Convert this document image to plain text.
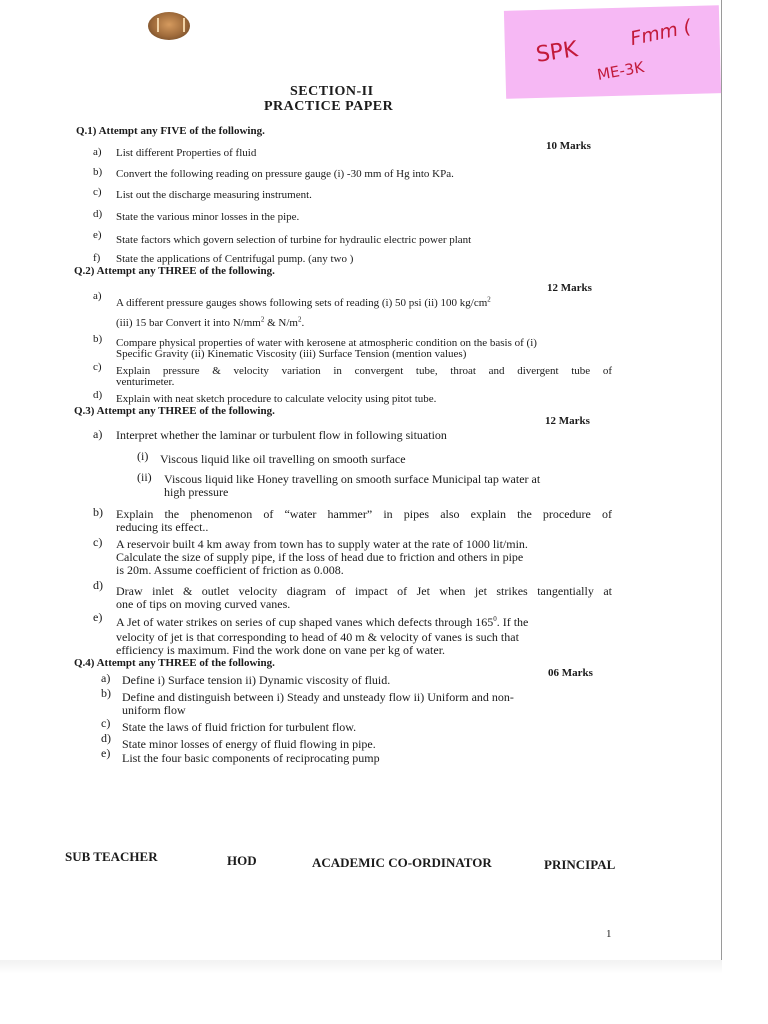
SPK
Fmm (
ME-3K
SECTION-II
PRACTICE PAPER
Q.1) Attempt any FIVE of the following.
10 Marks
a) List different Properties of fluid
b) Convert the following reading on pressure gauge (i) -30 mm of Hg into KPa.
c) List out the discharge measuring instrument.
d) State the various minor losses in the pipe.
e) State factors which govern selection of turbine for hydraulic electric power plant
f) State the applications of Centrifugal pump. (any two )
Q.2) Attempt any THREE of the following.
12 Marks
a)
A different pressure gauges shows following sets of reading (i) 50 psi (ii) 100 $kg/cm^2$
(iii) 15 bar Convert it into $N/mm^2$ & $N/m^2$.
b) Compare physical properties of water with kerosene at atmospheric condition on the basis of (i)
Specific Gravity (ii) Kinematic Viscosity (iii) Surface Tension (mention values)
c) Explain pressure & velocity variation in convergent tube, throat and divergent tube of
venturimeter.
d) Explain with neat sketch procedure to calculate velocity using pitot tube.
Q.3) Attempt any THREE of the following.
12 Marks
a) Interpret whether the laminar or turbulent flow in following situation
(i) Viscous liquid like oil travelling on smooth surface
(ii) Viscous liquid like Honey travelling on smooth surface Municipal tap water at
high pressure
b) Explain the phenomenon of “water hammer” in pipes also explain the procedure of
reducing its effect..
c) A reservoir built 4 km away from town has to supply water at the rate of 1000 lit/min.
Calculate the size of supply pipe, if the loss of head due to friction and others in pipe
is 20m. Assume coefficient of friction as 0.008.
d) Draw inlet & outlet velocity diagram of impact of Jet when jet strikes tangentially at
one of tips on moving curved vanes.
e) A Jet of water strikes on series of cup shaped vanes which defects through $165^0$. If the
velocity of jet is that corresponding to head of 40 m & velocity of vanes is such that
efficiency is maximum. Find the work done on vane per kg of water.
Q.4) Attempt any THREE of the following.
06 Marks
a) Define i) Surface tension ii) Dynamic viscosity of fluid.
b) Define and distinguish between i) Steady and unsteady flow ii) Uniform and non-
uniform flow
c) State the laws of fluid friction for turbulent flow.
d) State minor losses of energy of fluid flowing in pipe.
e) List the four basic components of reciprocating pump
SUB TEACHER	HOD	ACADEMIC CO-ORDINATOR	PRINCIPAL
1
